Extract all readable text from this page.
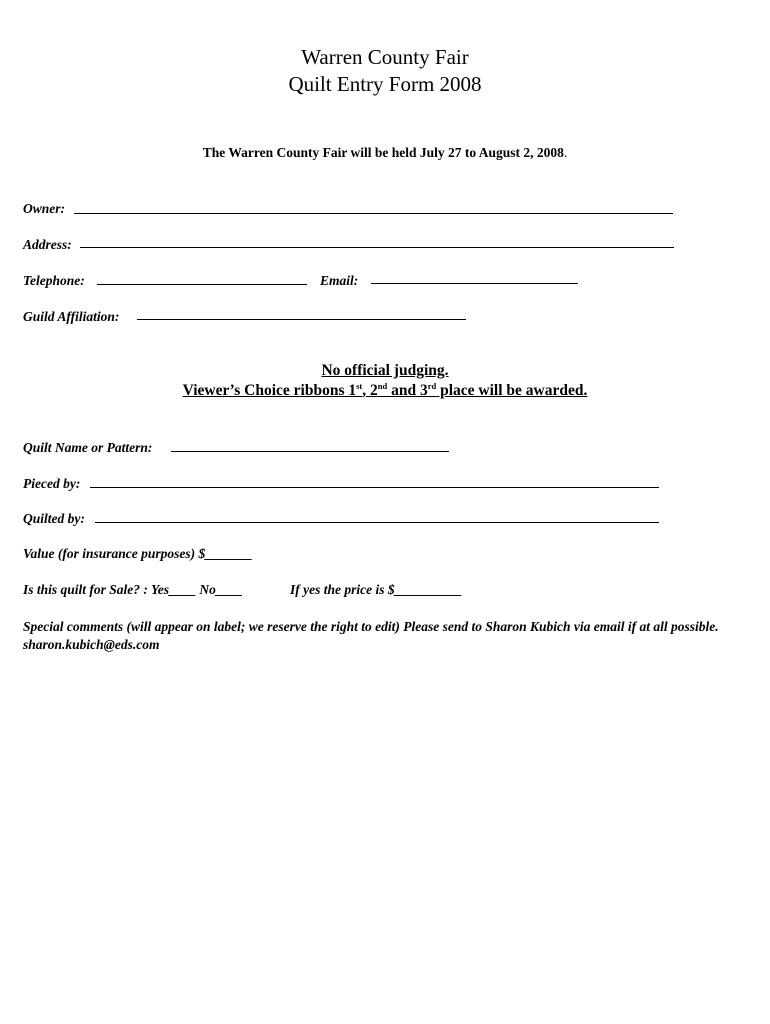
Warren County Fair
Quilt Entry Form 2008
The Warren County Fair will be held July 27 to August 2, 2008.
Owner:
Address:
Telephone:	Email:
Guild Affiliation:
No official judging.
Viewer’s Choice ribbons 1st, 2nd and 3rd place will be awarded.
Quilt Name or Pattern:
Pieced by:
Quilted by:
Value (for insurance purposes) $_______
Is this quilt for Sale? : Yes____ No____	If yes the price is $__________
Special comments (will appear on label; we reserve the right to edit) Please send to Sharon Kubich via email if at all possible. sharon.kubich@eds.com
